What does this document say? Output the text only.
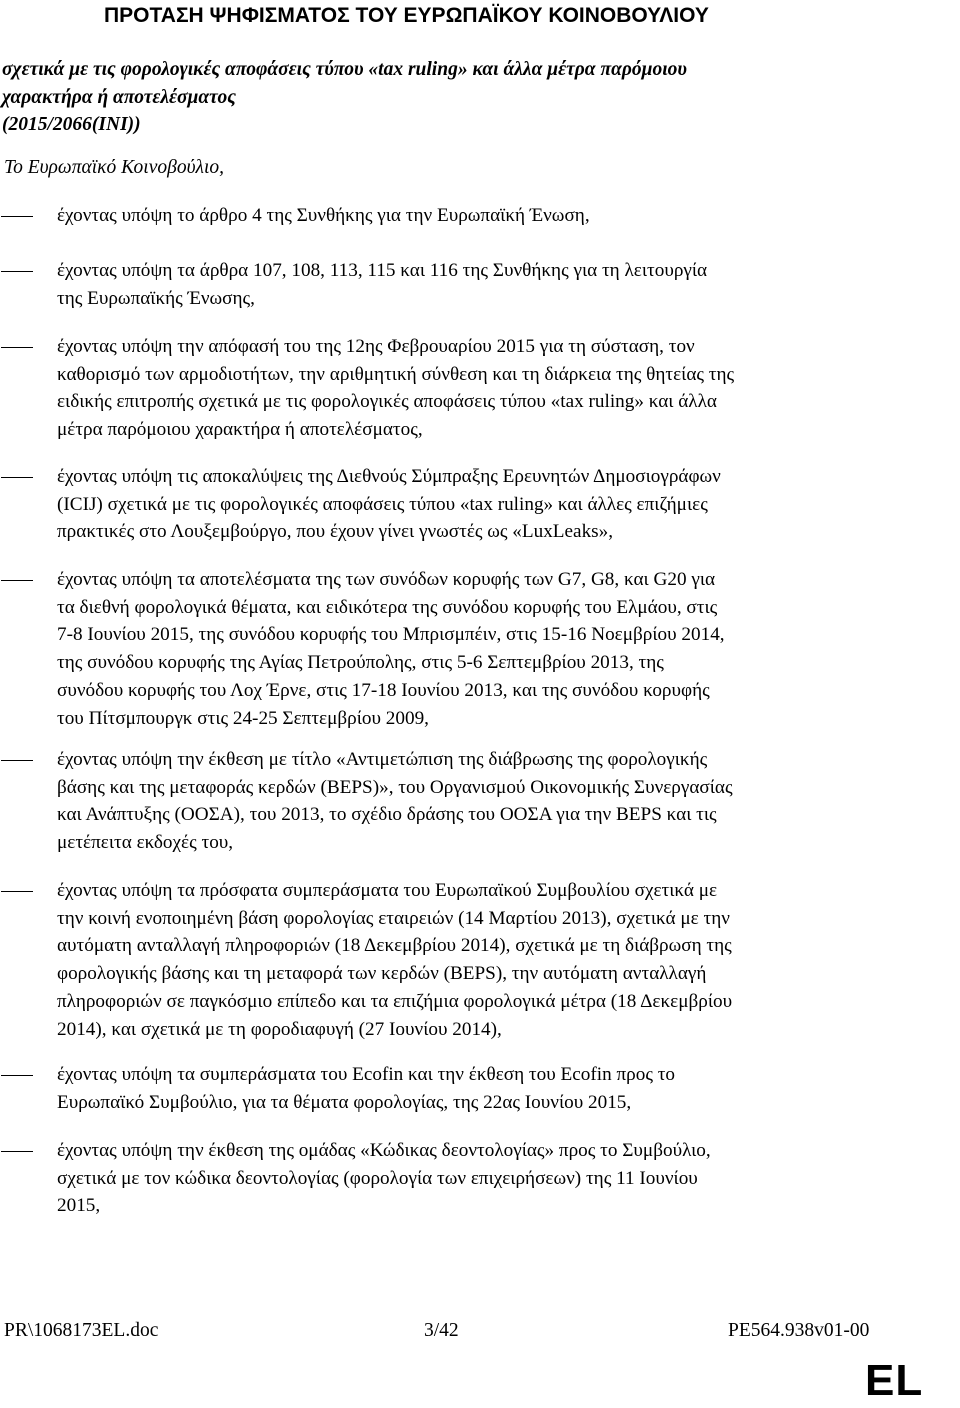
ΠΡΟΤΑΣΗ ΨΗΦΙΣΜΑΤΟΣ ΤΟΥ ΕΥΡΩΠΑΪΚΟΥ ΚΟΙΝΟΒΟΥΛΙΟΥ
σχετικά με τις φορολογικές αποφάσεις τύπου «tax ruling» και άλλα μέτρα παρόμοιου
χαρακτήρα ή αποτελέσματος
(2015/2066(INI))

Το Ευρωπαϊκό Κοινοβούλιο,

έχοντας υπόψη το άρθρο 4 της Συνθήκης για την Ευρωπαϊκή Ένωση,
έχοντας υπόψη τα άρθρα 107, 108, 113, 115 και 116 της Συνθήκης για τη λειτουργία
της Ευρωπαϊκής Ένωσης,
έχοντας υπόψη την απόφασή του της 12ης Φεβρουαρίου 2015 για τη σύσταση, τον
καθορισμό των αρμοδιοτήτων, την αριθμητική σύνθεση και τη διάρκεια της θητείας της
ειδικής επιτροπής σχετικά με τις φορολογικές αποφάσεις τύπου «tax ruling» και άλλα
μέτρα παρόμοιου χαρακτήρα ή αποτελέσματος,
έχοντας υπόψη τις αποκαλύψεις της Διεθνούς Σύμπραξης Ερευνητών Δημοσιογράφων
(ICIJ) σχετικά με τις φορολογικές αποφάσεις τύπου «tax ruling» και άλλες επιζήμιες
πρακτικές στο Λουξεμβούργο, που έχουν γίνει γνωστές ως «LuxLeaks»,
έχοντας υπόψη τα αποτελέσματα της των συνόδων κορυφής των G7, G8, και G20 για
τα διεθνή φορολογικά θέματα, και ειδικότερα της συνόδου κορυφής του Ελμάου, στις
7-8 Ιουνίου 2015, της συνόδου κορυφής του Μπρισμπέιν, στις 15-16 Νοεμβρίου 2014,
της συνόδου κορυφής της Αγίας Πετρούπολης, στις 5-6 Σεπτεμβρίου 2013, της
συνόδου κορυφής του Λοχ Έρνε, στις 17-18 Ιουνίου 2013, και της συνόδου κορυφής
του Πίτσμπουργκ στις 24-25 Σεπτεμβρίου 2009,
έχοντας υπόψη την έκθεση με τίτλο «Αντιμετώπιση της διάβρωσης της φορολογικής
βάσης και της μεταφοράς κερδών (BEPS)», του Οργανισμού Οικονομικής Συνεργασίας
και Ανάπτυξης (ΟΟΣΑ), του 2013, το σχέδιο δράσης του ΟΟΣΑ για την BEPS και τις
μετέπειτα εκδοχές του,
έχοντας υπόψη τα πρόσφατα συμπεράσματα του Ευρωπαϊκού Συμβουλίου σχετικά με
την κοινή ενοποιημένη βάση φορολογίας εταιρειών (14 Μαρτίου 2013), σχετικά με την
αυτόματη ανταλλαγή πληροφοριών (18 Δεκεμβρίου 2014), σχετικά με τη διάβρωση της
φορολογικής βάσης και τη μεταφορά των κερδών (BEPS), την αυτόματη ανταλλαγή
πληροφοριών σε παγκόσμιο επίπεδο και τα επιζήμια φορολογικά μέτρα (18 Δεκεμβρίου
2014), και σχετικά με τη φοροδιαφυγή (27 Ιουνίου 2014),
έχοντας υπόψη τα συμπεράσματα του Ecofin και την έκθεση του Ecofin προς το
Ευρωπαϊκό Συμβούλιο, για τα θέματα φορολογίας, της 22ας Ιουνίου 2015,
έχοντας υπόψη την έκθεση της ομάδας «Κώδικας δεοντολογίας» προς το Συμβούλιο,
σχετικά με τον κώδικα δεοντολογίας (φορολογία των επιχειρήσεων) της 11 Ιουνίου
2015,
PR\1068173EL.doc	3/42	PE564.938v01-00
EL
